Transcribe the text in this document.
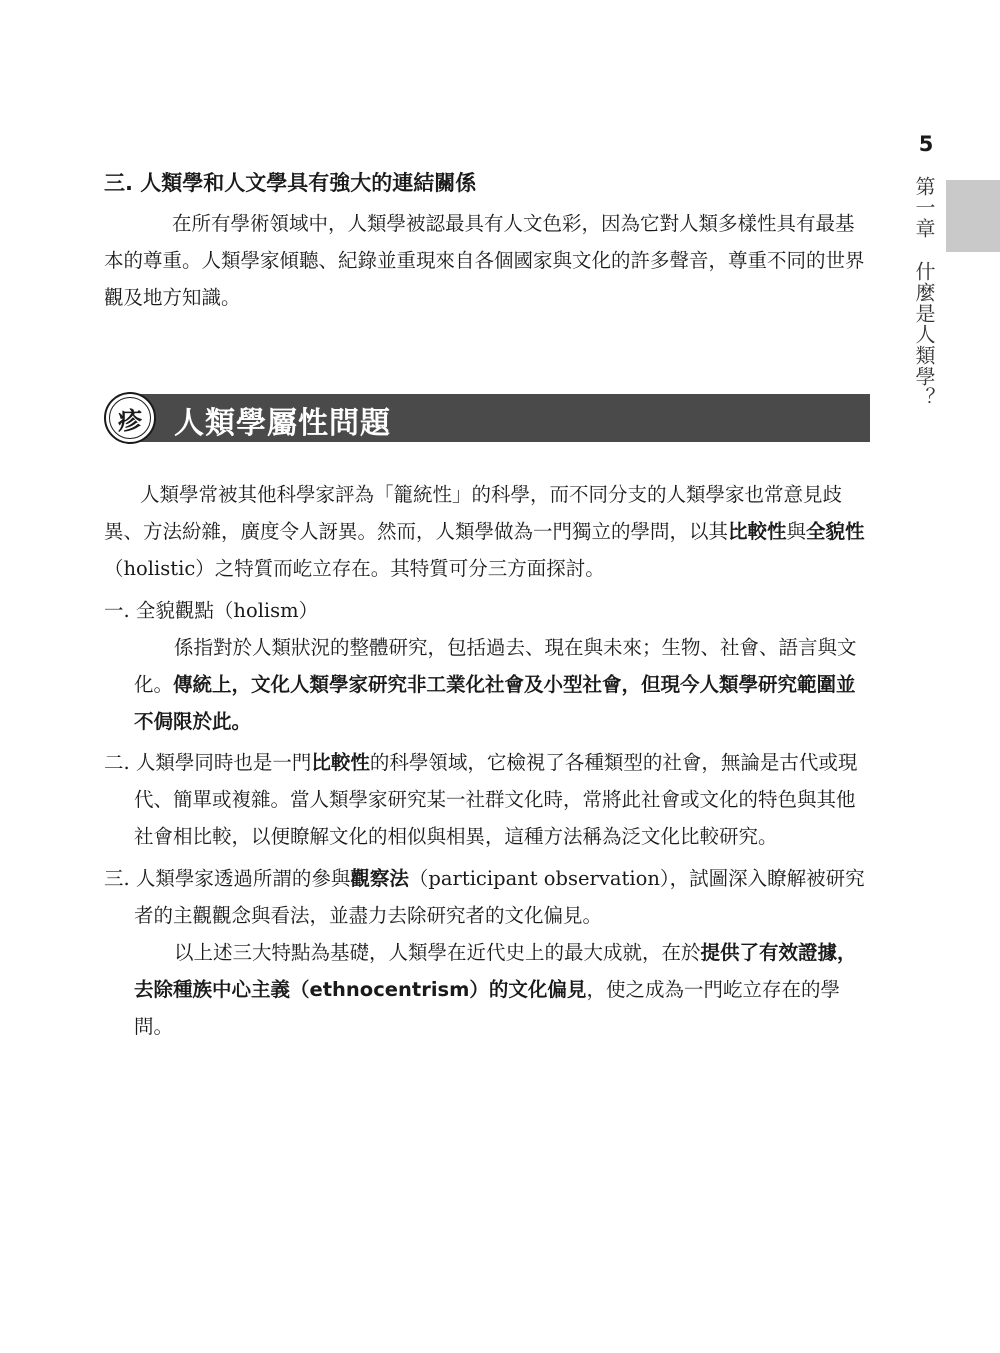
5
第一章什麼是人類學？
三. 人類學和人文學具有強大的連結關係
在所有學術領域中，人類學被認最具有人文色彩，因為它對人類多樣性具有最基本的尊重。人類學家傾聽、紀錄並重現來自各個國家與文化的許多聲音，尊重不同的世界觀及地方知識。
疹	人類學屬性問題
人類學常被其他科學家評為「籠統性」的科學，而不同分支的人類學家也常意見歧異、方法紛雜，廣度令人訝異。然而，人類學做為一門獨立的學問，以其比較性與全貌性（holistic）之特質而屹立存在。其特質可分三方面探討。
一. 全貌觀點（holism）
係指對於人類狀況的整體研究，包括過去、現在與未來；生物、社會、語言與文化。傳統上，文化人類學家研究非工業化社會及小型社會，但現今人類學研究範圍並不侷限於此。
二. 人類學同時也是一門比較性的科學領域，它檢視了各種類型的社會，無論是古代或現代、簡單或複雜。當人類學家研究某一社群文化時，常將此社會或文化的特色與其他社會相比較，以便瞭解文化的相似與相異，這種方法稱為泛文化比較研究。
三. 人類學家透過所謂的參與觀察法（participant observation），試圖深入瞭解被研究者的主觀觀念與看法，並盡力去除研究者的文化偏見。
以上述三大特點為基礎，人類學在近代史上的最大成就，在於提供了有效證據，去除種族中心主義（ethnocentrism）的文化偏見，使之成為一門屹立存在的學問。
